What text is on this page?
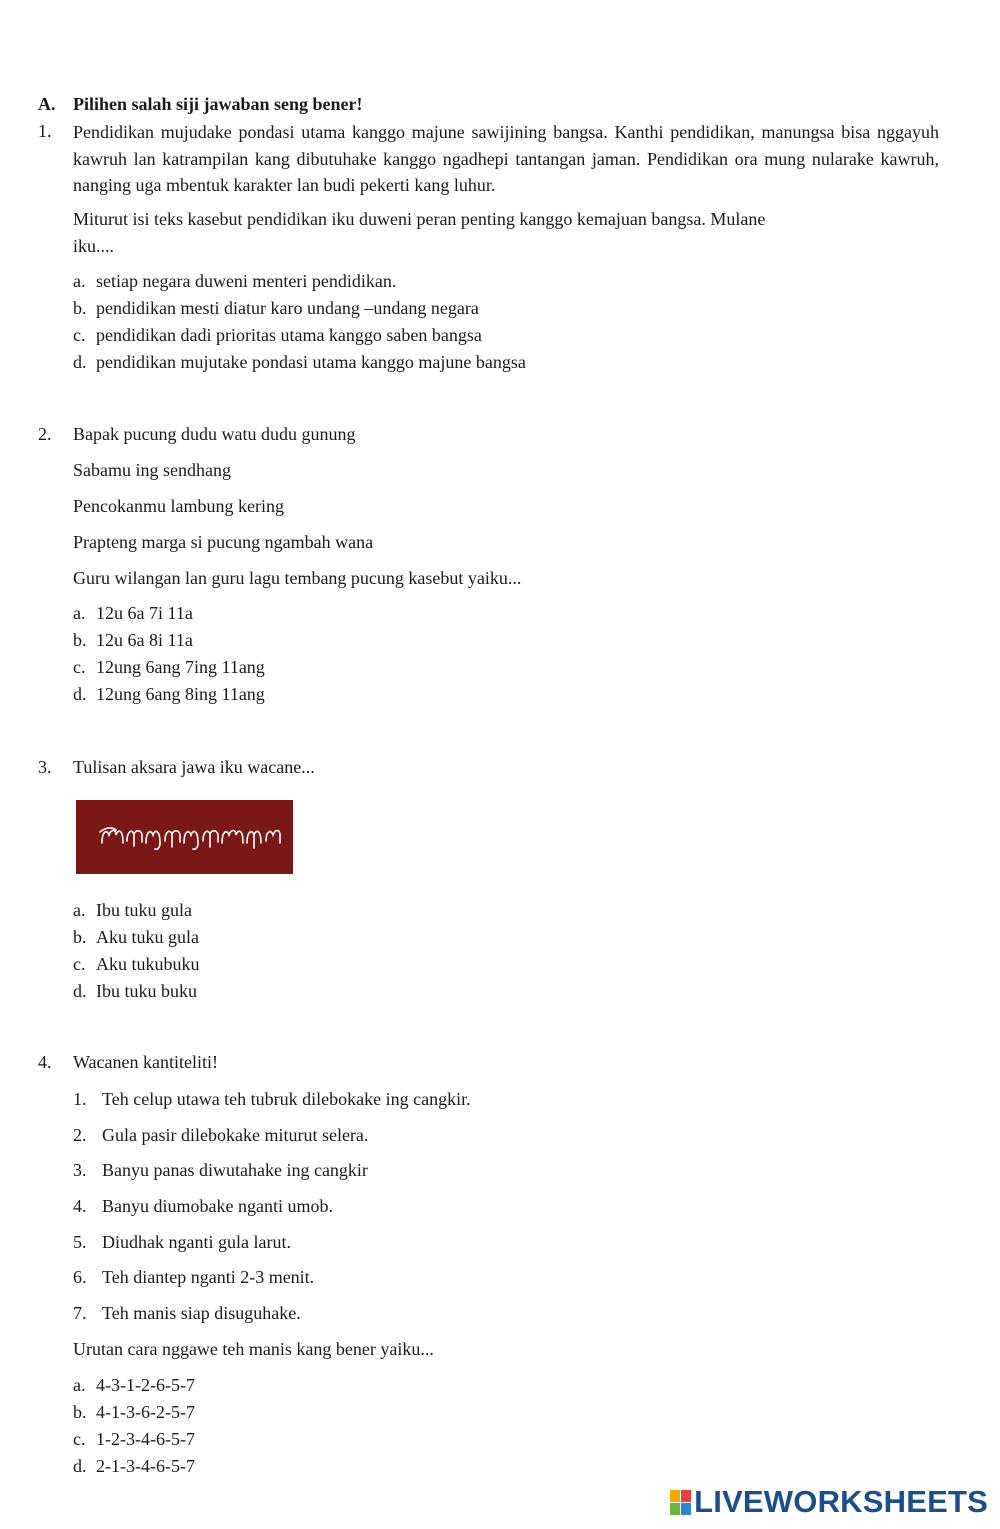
A. Pilihen salah siji jawaban seng bener!
1. Pendidikan mujudake pondasi utama kanggo majune sawijining bangsa. Kanthi pendidikan, manungsa bisa nggayuh kawruh lan katrampilan kang dibutuhake kanggo ngadhepi tantangan jaman. Pendidikan ora mung nularake kawruh, nanging uga mbentuk karakter lan budi pekerti kang luhur.
Miturut isi teks kasebut pendidikan iku duweni peran penting kanggo kemajuan bangsa. Mulane
iku....
a. setiap negara duweni menteri pendidikan.
b. pendidikan mesti diatur karo undang –undang negara
c. pendidikan dadi prioritas utama kanggo saben bangsa
d. pendidikan mujutake pondasi utama kanggo majune bangsa
2. Bapak pucung dudu watu dudu gunung
Sabamu ing sendhang
Pencokanmu lambung kering
Prapteng marga si pucung ngambah wana
Guru wilangan lan guru lagu tembang pucung kasebut yaiku...
a. 12u 6a 7i 11a
b. 12u 6a 8i 11a
c. 12ung 6ang 7ing 11ang
d. 12ung 6ang 8ing 11ang
3. Tulisan aksara jawa iku wacane...
a. Ibu tuku gula
b. Aku tuku gula
c. Aku tukubuku
d. Ibu tuku buku
4. Wacanen kantiteliti!
1. Teh celup utawa teh tubruk dilebokake ing cangkir.
2. Gula pasir dilebokake miturut selera.
3. Banyu panas diwutahake ing cangkir
4. Banyu diumobake nganti umob.
5. Diudhak nganti gula larut.
6. Teh diantep nganti 2-3 menit.
7. Teh manis siap disuguhake.
Urutan cara nggawe teh manis kang bener yaiku...
a. 4-3-1-2-6-5-7
b. 4-1-3-6-2-5-7
c. 1-2-3-4-6-5-7
d. 2-1-3-4-6-5-7
LIVEWORKSHEETS
